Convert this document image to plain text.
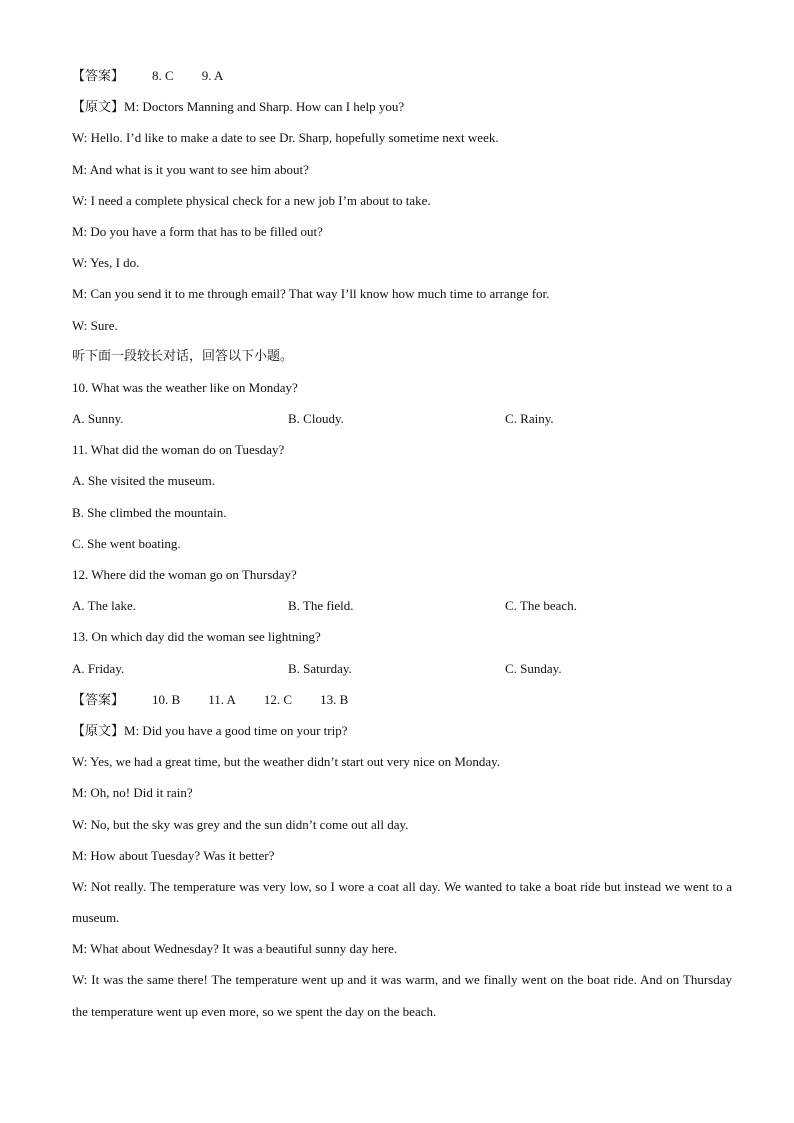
【答案】 8. C 9. A
【原文】M: Doctors Manning and Sharp. How can I help you?
W: Hello. I’d like to make a date to see Dr. Sharp, hopefully sometime next week.
M: And what is it you want to see him about?
W: I need a complete physical check for a new job I’m about to take.
M: Do you have a form that has to be filled out?
W: Yes, I do.
M: Can you send it to me through email? That way I’ll know how much time to arrange for.
W: Sure.
听下面一段较长对话，回答以下小题。
10. What was the weather like on Monday?
A. Sunny.	B. Cloudy.	C. Rainy.
11. What did the woman do on Tuesday?
A. She visited the museum.
B. She climbed the mountain.
C. She went boating.
12. Where did the woman go on Thursday?
A. The lake.	B. The field.	C. The beach.
13. On which day did the woman see lightning?
A. Friday.	B. Saturday.	C. Sunday.
【答案】 10. B 11. A 12. C 13. B
【原文】M: Did you have a good time on your trip?
W: Yes, we had a great time, but the weather didn’t start out very nice on Monday.
M: Oh, no! Did it rain?
W: No, but the sky was grey and the sun didn’t come out all day.
M: How about Tuesday? Was it better?

W: Not really. The temperature was very low, so I wore a coat all day. We wanted to take a boat ride but instead we went to a museum.

M: What about Wednesday? It was a beautiful sunny day here.

W: It was the same there! The temperature went up and it was warm, and we finally went on the boat ride. And on Thursday the temperature went up even more, so we spent the day on the beach.
